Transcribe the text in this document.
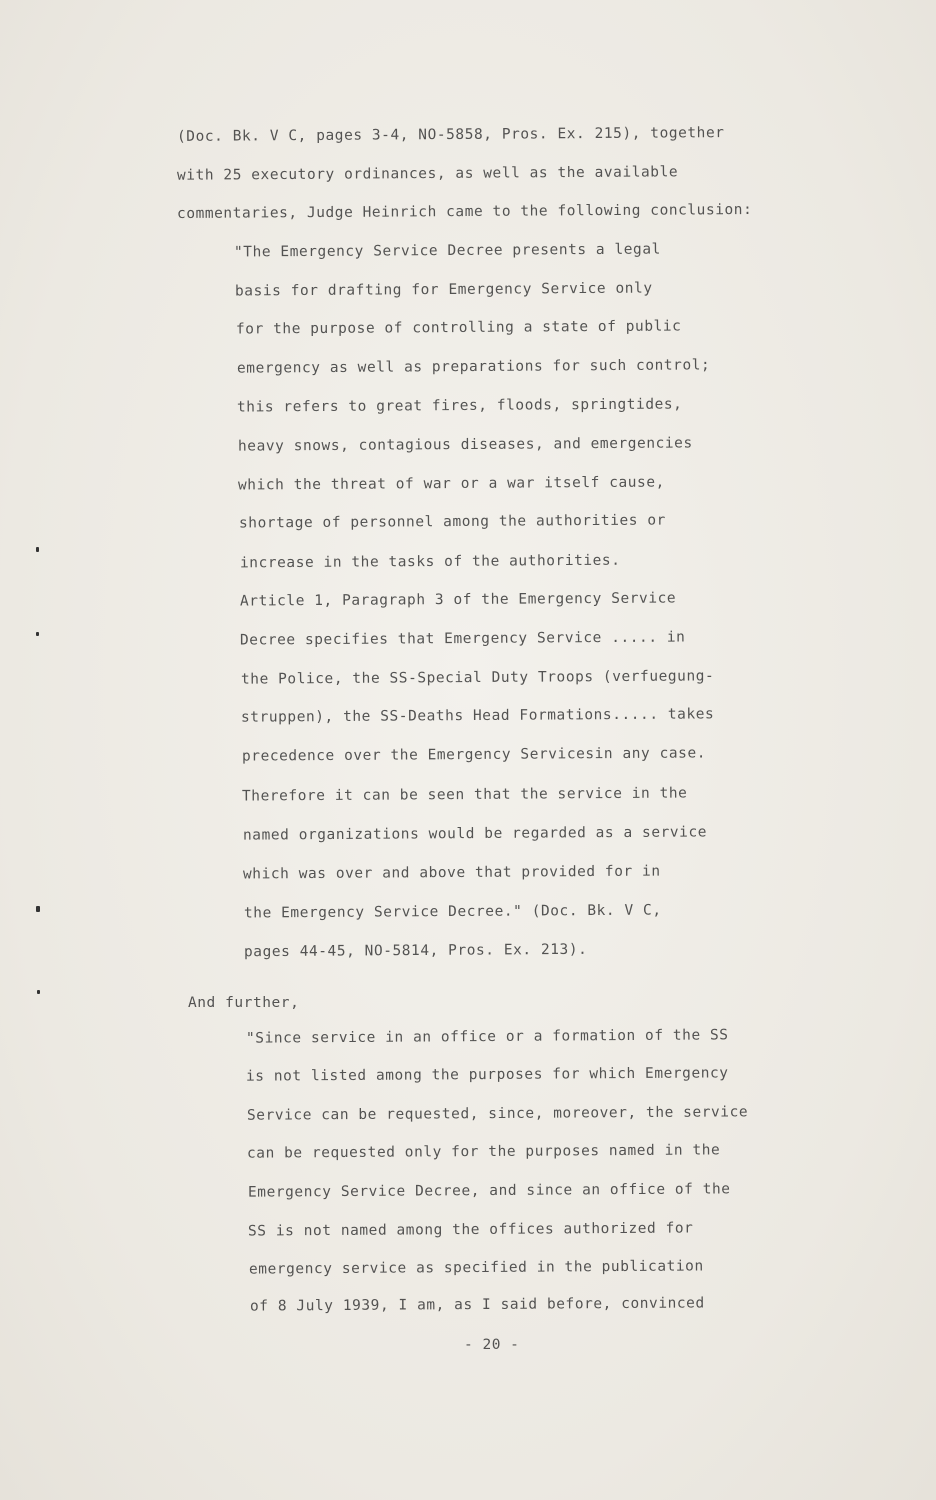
(Doc. Bk. V C, pages 3-4, NO-5858, Pros. Ex. 215), together
with 25 executory ordinances, as well as the available
commentaries, Judge Heinrich came to the following conclusion:
"The Emergency Service Decree presents a legal
basis for drafting for Emergency Service only
for the purpose of controlling a state of public
emergency as well as preparations for such control;
this refers to great fires, floods, springtides,
heavy snows, contagious diseases, and emergencies
which the threat of war or a war itself cause,
shortage of personnel among the authorities or
increase in the tasks of the authorities.
Article 1, Paragraph 3 of the Emergency Service
Decree specifies that Emergency Service ..... in
the Police, the SS-Special Duty Troops (verfuegung-
struppen), the SS-Deaths Head Formations..... takes
precedence over the Emergency Servicesin any case.
Therefore it can be seen that the service in the
named organizations would be regarded as a service
which was over and above that provided for in
the Emergency Service Decree." (Doc. Bk. V C,
pages 44-45, NO-5814, Pros. Ex. 213).
And further,
"Since service in an office or a formation of the SS
is not listed among the purposes for which Emergency
Service can be requested, since, moreover, the service
can be requested only for the purposes named in the
Emergency Service Decree, and since an office of the
SS is not named among the offices authorized for
emergency service as specified in the publication
of 8 July 1939, I am, as I said before, convinced
- 20 -
